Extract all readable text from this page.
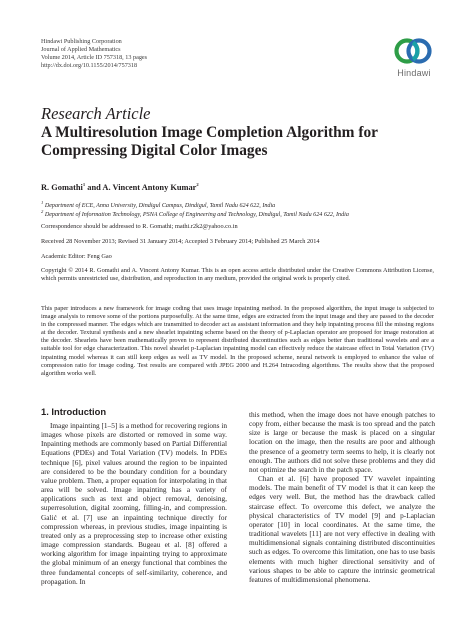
Hindawi Publishing Corporation
Journal of Applied Mathematics
Volume 2014, Article ID 757318, 13 pages
http://dx.doi.org/10.1155/2014/757318
Hindawi
Research Article
A Multiresolution Image Completion Algorithm for
Compressing Digital Color Images
R. Gomathi$^1$ and A. Vincent Antony Kumar$^2$
$^1$ Department of ECE, Anna University, Dindigul Campus, Dindigul, Tamil Nadu 624 622, India
$^2$ Department of Information Technology, PSNA College of Engineering and Technology, Dindigul, Tamil Nadu 624 622, India
Correspondence should be addressed to R. Gomathi; mathi.r2k2@yahoo.co.in
Received 28 November 2013; Revised 31 January 2014; Accepted 3 February 2014; Published 25 March 2014
Academic Editor: Feng Gao
Copyright © 2014 R. Gomathi and A. Vincent Antony Kumar. This is an open access article distributed under the Creative Commons Attribution License, which permits unrestricted use, distribution, and reproduction in any medium, provided the original work is properly cited.
This paper introduces a new framework for image coding that uses image inpainting method. In the proposed algorithm, the input image is subjected to image analysis to remove some of the portions purposefully. At the same time, edges are extracted from the input image and they are passed to the decoder in the compressed manner. The edges which are transmitted to decoder act as assistant information and they help inpainting process fill the missing regions at the decoder. Textural synthesis and a new shearlet inpainting scheme based on the theory of p-Laplacian operator are proposed for image restoration at the decoder. Shearlets have been mathematically proven to represent distributed discontinuities such as edges better than traditional wavelets and are a suitable tool for edge characterization. This novel shearlet p-Laplacian inpainting model can effectively reduce the staircase effect in Total Variation (TV) inpainting model whereas it can still keep edges as well as TV model. In the proposed scheme, neural network is employed to enhance the value of compression ratio for image coding. Test results are compared with JPEG 2000 and H.264 Intracoding algorithms. The results show that the proposed algorithm works well.
1. Introduction

Image inpainting [1–5] is a method for recovering regions in images whose pixels are distorted or removed in some way. Inpainting methods are commonly based on Partial Differential Equations (PDEs) and Total Variation (TV) models. In PDEs technique [6], pixel values around the region to be inpainted are considered to be the boundary condition for a boundary value problem. Then, a proper equation for interpolating in that area will be solved. Image inpainting has a variety of applications such as text and object removal, denoising, superresolution, digital zooming, filling-in, and compression. Galić et al. [7] use an inpainting technique directly for compression whereas, in previous studies, image inpainting is treated only as a preprocessing step to increase other existing image compression standards. Bugeau et al. [8] offered a working algorithm for image inpainting trying to approximate the global minimum of an energy functional that combines the three fundamental concepts of self-similarity, coherence, and propagation. In

this method, when the image does not have enough patches to copy from, either because the mask is too spread and the patch size is large or because the mask is placed on a singular location on the image, then the results are poor and although the presence of a geometry term seems to help, it is clearly not enough. The authors did not solve these problems and they did not optimize the search in the patch space.

Chan et al. [6] have proposed TV wavelet inpainting models. The main benefit of TV model is that it can keep the edges very well. But, the method has the drawback called staircase effect. To overcome this defect, we analyze the physical characteristics of TV model [9] and p-Laplacian operator [10] in local coordinates. At the same time, the traditional wavelets [11] are not very effective in dealing with multidimensional signals containing distributed discontinuities such as edges. To overcome this limitation, one has to use basis elements with much higher directional sensitivity and of various shapes to be able to capture the intrinsic geometrical features of multidimensional phenomena.
